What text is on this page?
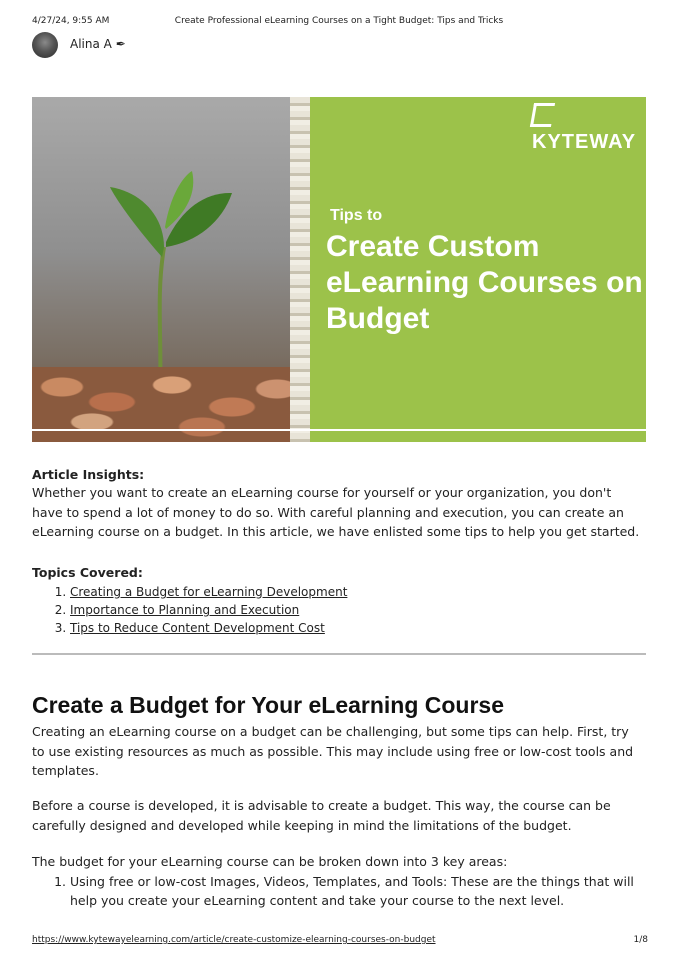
4/27/24, 9:55 AM	Create Professional eLearning Courses on a Tight Budget: Tips and Tricks
Alina A ✒
KYTEWAY
Tips to
Create Custom eLearning Courses on Budget
Article Insights:
Whether you want to create an eLearning course for yourself or your organization, you don't have to spend a lot of money to do so. With careful planning and execution, you can create an eLearning course on a budget. In this article, we have enlisted some tips to help you get started.
Topics Covered:
1. Creating a Budget for eLearning Development
2. Importance to Planning and Execution
3. Tips to Reduce Content Development Cost
Create a Budget for Your eLearning Course
Creating an eLearning course on a budget can be challenging, but some tips can help. First, try to use existing resources as much as possible. This may include using free or low-cost tools and templates.
Before a course is developed, it is advisable to create a budget. This way, the course can be carefully designed and developed while keeping in mind the limitations of the budget.
The budget for your eLearning course can be broken down into 3 key areas:
1. Using free or low-cost Images, Videos, Templates, and Tools: These are the things that will help you create your eLearning content and take your course to the next level.
https://www.kytewayelearning.com/article/create-customize-elearning-courses-on-budget	1/8
